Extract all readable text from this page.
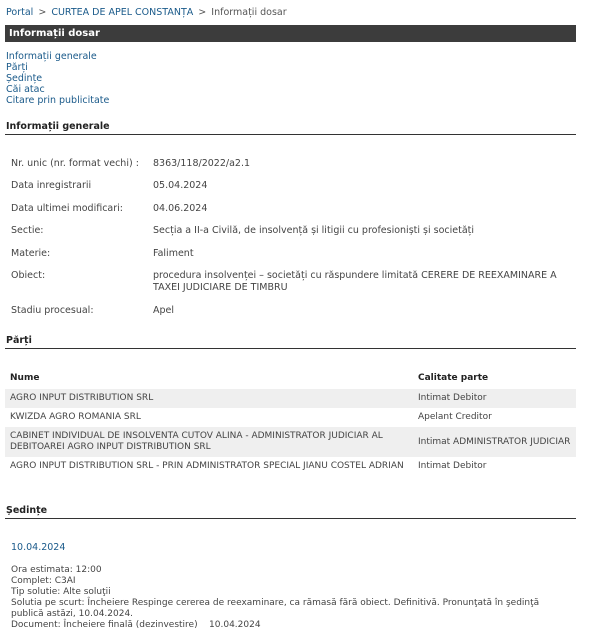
Portal > CURTEA DE APEL CONSTANȚA > Informații dosar
Informații dosar
Informații generale
Părți
Ședințe
Căi atac
Citare prin publicitate
Informații generale
Nr. unic (nr. format vechi) :	8363/118/2022/a2.1
Data inregistrarii	05.04.2024
Data ultimei modificari:	04.06.2024
Sectie:	Secția a II-a Civilă, de insolvență și litigii cu profesioniști și societăți
Materie:	Faliment
Obiect:	procedura insolvenței – societăți cu răspundere limitată CERERE DE REEXAMINARE A TAXEI JUDICIARE DE TIMBRU
Stadiu procesual:	Apel
Părți
Nume	Calitate parte
AGRO INPUT DISTRIBUTION SRL	Intimat Debitor
KWIZDA AGRO ROMANIA SRL	Apelant Creditor
CABINET INDIVIDUAL DE INSOLVENTA CUTOV ALINA - ADMINISTRATOR JUDICIAR AL DEBITOAREI AGRO INPUT DISTRIBUTION SRL	Intimat ADMINISTRATOR JUDICIAR
AGRO INPUT DISTRIBUTION SRL - PRIN ADMINISTRATOR SPECIAL JIANU COSTEL ADRIAN	Intimat Debitor
Ședințe
10.04.2024
Ora estimata: 12:00
Complet: C3AI
Tip solutie: Alte soluţii
Solutia pe scurt: Încheiere Respinge cererea de reexaminare, ca rămasă fără obiect. Definitivă. Pronunţată în şedinţă publică astăzi, 10.04.2024.
Document: Încheiere finală (dezinvestire)    10.04.2024
